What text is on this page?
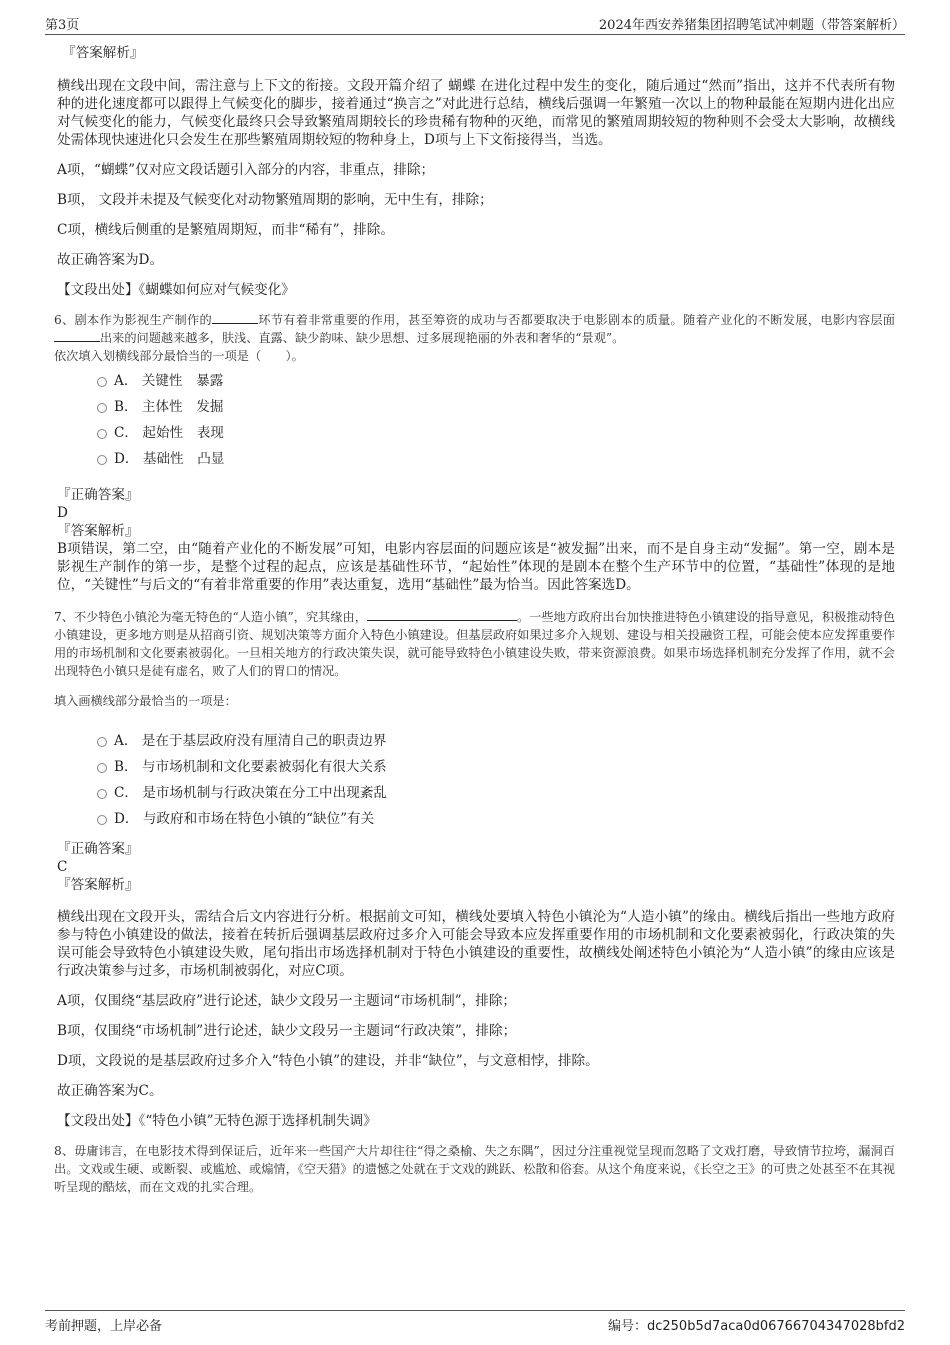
第3页	2024年西安养猪集团招聘笔试冲刺题（带答案解析）

『答案解析』

横线出现在文段中间，需注意与上下文的衔接。文段开篇介绍了 蝴蝶 在进化过程中发生的变化，随后通过“然而”指出，这并不代表所有物种的进化速度都可以跟得上气候变化的脚步，接着通过“换言之”对此进行总结，横线后强调一年繁殖一次以上的物种最能在短期内进化出应对气候变化的能力，气候变化最终只会导致繁殖周期较长的珍贵稀有物种的灭绝，而常见的繁殖周期较短的物种则不会受太大影响，故横线处需体现快速进化只会发生在那些繁殖周期较短的物种身上，D项与上下文衔接得当，当选。

A项，“蝴蝶”仅对应文段话题引入部分的内容，非重点，排除；

B项， 文段并未提及气候变化对动物繁殖周期的影响，无中生有，排除；

C项，横线后侧重的是繁殖周期短，而非“稀有”，排除。

故正确答案为D。

【文段出处】《蝴蝶如何应对气候变化》

6、剧本作为影视生产制作的	环节有着非常重要的作用，甚至筹资的成功与否都要取决于电影剧本的质量。随着产业化的不断发展，电影内容层面出来的问题越来越多，肤浅、直露、缺少韵味、缺少思想、过多展现艳丽的外表和奢华的“景观”。

依次填入划横线部分最恰当的一项是（　　）。

A． 关键性　暴露
B． 主体性　发掘
C． 起始性　表现
D． 基础性　凸显

『正确答案』

D

『答案解析』

B项错误，第二空，由“随着产业化的不断发展”可知，电影内容层面的问题应该是“被发掘”出来，而不是自身主动“发掘”。第一空，剧本是影视生产制作的第一步，是整个过程的起点，应该是基础性环节，“起始性”体现的是剧本在整个生产环节中的位置，“基础性”体现的是地位，“关键性”与后文的“有着非常重要的作用”表达重复，选用“基础性”最为恰当。因此答案选D。

7、不少特色小镇沦为毫无特色的“人造小镇”，究其缘由，	。一些地方政府出台加快推进特色小镇建设的指导意见，积极推动特色小镇建设，更多地方则是从招商引资、规划决策等方面介入特色小镇建设。但基层政府如果过多介入规划、建设与相关投融资工程，可能会使本应发挥重要作用的市场机制和文化要素被弱化。一旦相关地方的行政决策失误，就可能导致特色小镇建设失败，带来资源浪费。如果市场选择机制充分发挥了作用，就不会出现特色小镇只是徒有虚名，败了人们的胃口的情况。

填入画横线部分最恰当的一项是：

A． 是在于基层政府没有厘清自己的职责边界
B． 与市场机制和文化要素被弱化有很大关系
C． 是市场机制与行政决策在分工中出现紊乱
D． 与政府和市场在特色小镇的“缺位”有关

『正确答案』

C

『答案解析』

横线出现在文段开头，需结合后文内容进行分析。根据前文可知，横线处要填入特色小镇沦为“人造小镇”的缘由。横线后指出一些地方政府参与特色小镇建设的做法，接着在转折后强调基层政府过多介入可能会导致本应发挥重要作用的市场机制和文化要素被弱化，行政决策的失误可能会导致特色小镇建设失败，尾句指出市场选择机制对于特色小镇建设的重要性，故横线处阐述特色小镇沦为“人造小镇”的缘由应该是行政决策参与过多，市场机制被弱化，对应C项。

A项，仅围绕“基层政府”进行论述，缺少文段另一主题词“市场机制”，排除；

B项，仅围绕“市场机制”进行论述，缺少文段另一主题词“行政决策”，排除；

D项，文段说的是基层政府过多介入“特色小镇”的建设，并非“缺位”，与文意相悖，排除。

故正确答案为C。

【文段出处】《“特色小镇”无特色源于选择机制失调》

8、毋庸讳言，在电影技术得到保证后，近年来一些国产大片却往往“得之桑榆、失之东隅”，因过分注重视觉呈现而忽略了文戏打磨，导致情节拉垮，漏洞百出。文戏或生硬、或断裂、或尴尬、或煽情，《空天猎》的遗憾之处就在于文戏的跳跃、松散和俗套。从这个角度来说，《长空之王》的可贵之处甚至不在其视听呈现的酷炫，而在文戏的扎实合理。

考前押题，上岸必备	编号：dc250b5d7aca0d06766704347028bfd2
